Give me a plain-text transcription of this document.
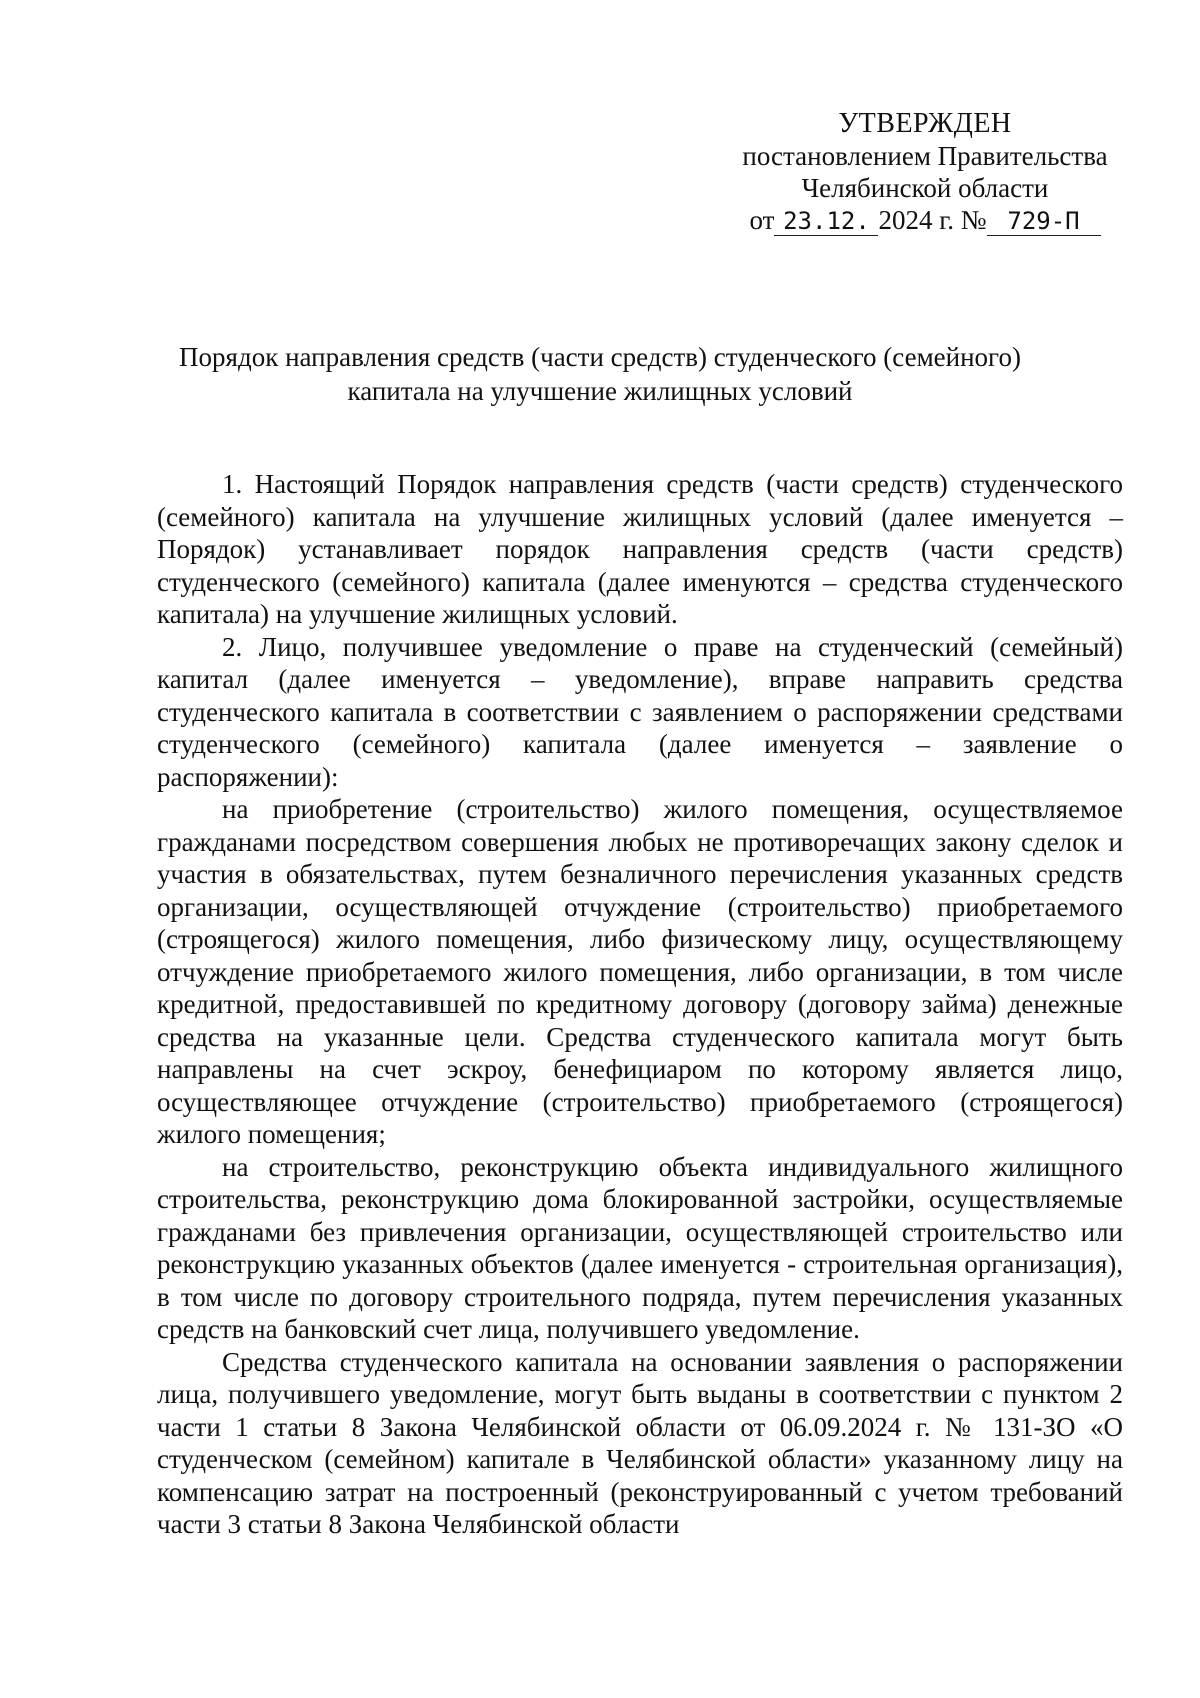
УТВЕРЖДЕН
постановлением Правительства
Челябинской области
от 23.12. 2024 г. № 729-П
Порядок направления средств (части средств) студенческого (семейного)
капитала на улучшение жилищных условий

1. Настоящий Порядок направления средств (части средств) студенческого (семейного) капитала на улучшение жилищных условий (далее именуется – Порядок) устанавливает порядок направления средств (части средств) студенческого (семейного) капитала (далее именуются – средства студенческого капитала) на улучшение жилищных условий.

2. Лицо, получившее уведомление о праве на студенческий (семейный) капитал (далее именуется – уведомление), вправе направить средства студенческого капитала в соответствии с заявлением о распоряжении средствами студенческого (семейного) капитала (далее именуется – заявление о распоряжении):

на приобретение (строительство) жилого помещения, осуществляемое гражданами посредством совершения любых не противоречащих закону сделок и участия в обязательствах, путем безналичного перечисления указанных средств организации, осуществляющей отчуждение (строительство) приобретаемого (строящегося) жилого помещения, либо физическому лицу, осуществляющему отчуждение приобретаемого жилого помещения, либо организации, в том числе кредитной, предоставившей по кредитному договору (договору займа) денежные средства на указанные цели. Средства студенческого капитала могут быть направлены на счет эскроу, бенефициаром по которому является лицо, осуществляющее отчуждение (строительство) приобретаемого (строящегося) жилого помещения;

на строительство, реконструкцию объекта индивидуального жилищного строительства, реконструкцию дома блокированной застройки, осуществляемые гражданами без привлечения организации, осуществляющей строительство или реконструкцию указанных объектов (далее именуется - строительная организация), в том числе по договору строительного подряда, путем перечисления указанных средств на банковский счет лица, получившего уведомление.

Средства студенческого капитала на основании заявления о распоряжении лица, получившего уведомление, могут быть выданы в соответствии с пунктом 2 части 1 статьи 8 Закона Челябинской области от 06.09.2024 г. № 131-ЗО «О студенческом (семейном) капитале в Челябинской области» указанному лицу на компенсацию затрат на построенный (реконструированный с учетом требований части 3 статьи 8 Закона Челябинской области
